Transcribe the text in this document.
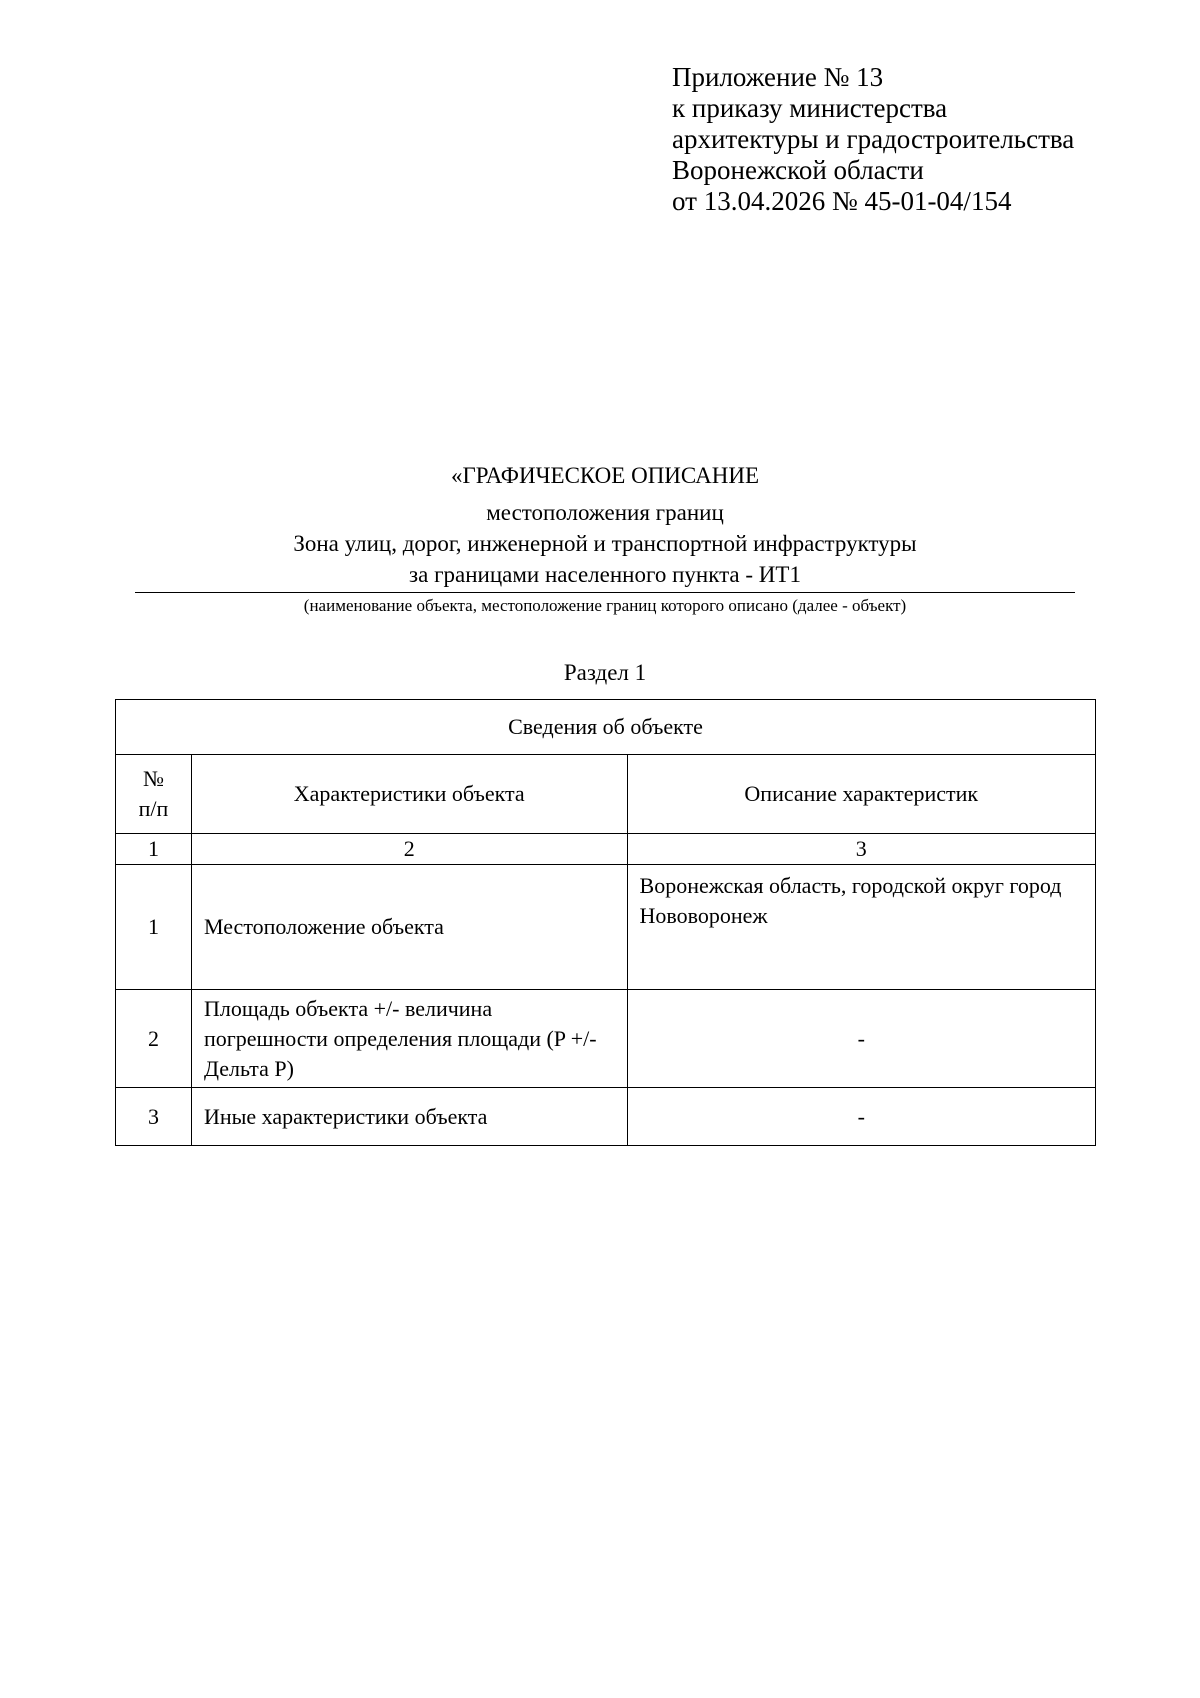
Приложение № 13
к приказу министерства
архитектуры и градостроительства
Воронежской области
от 13.04.2026 № 45-01-04/154
«ГРАФИЧЕСКОЕ ОПИСАНИЕ
местоположения границ
Зона улиц, дорог, инженерной и транспортной инфраструктуры
за границами населенного пункта - ИТ1
(наименование объекта, местоположение границ которого описано (далее - объект)
Раздел 1
Сведения об объекте		
№ п/п	Характеристики объекта	Описание характеристик
1	2	3
1	Местоположение объекта	Воронежская область, городской округ город Нововоронеж
2	Площадь объекта +/- величина погрешности определения площади (P +/- Дельта P)	-
3	Иные характеристики объекта	-
